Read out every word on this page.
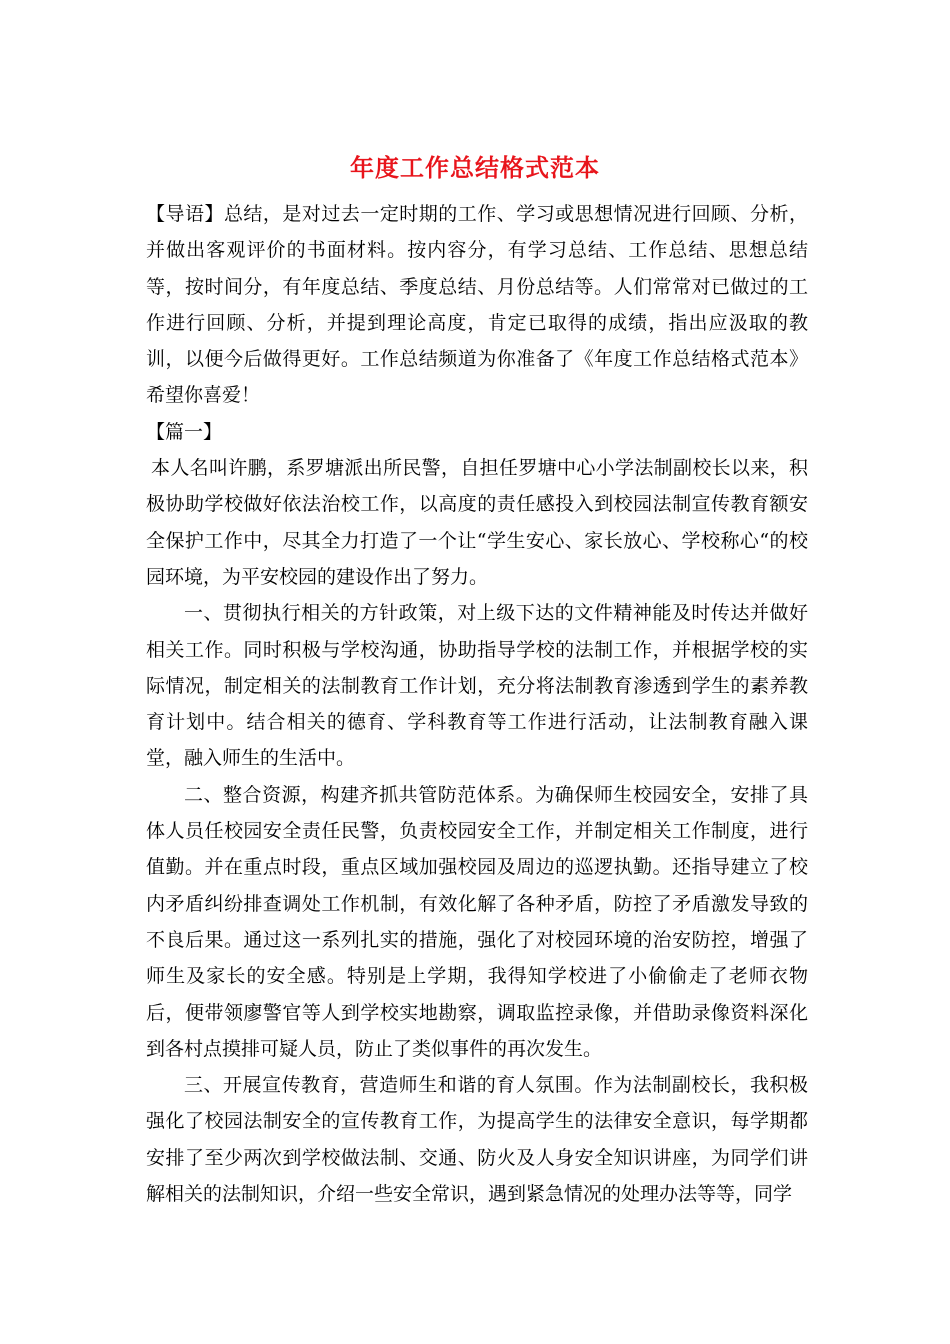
年度工作总结格式范本

【导语】总结，是对过去一定时期的工作、学习或思想情况进行回顾、分析，并做出客观评价的书面材料。按内容分，有学习总结、工作总结、思想总结等，按时间分，有年度总结、季度总结、月份总结等。人们常常对已做过的工作进行回顾、分析，并提到理论高度，肯定已取得的成绩，指出应汲取的教训，以便今后做得更好。工作总结频道为你准备了《年度工作总结格式范本》希望你喜爱！

【篇一】

本人名叫许鹏，系罗塘派出所民警，自担任罗塘中心小学法制副校长以来，积极协助学校做好依法治校工作，以高度的责任感投入到校园法制宣传教育额安全保护工作中，尽其全力打造了一个让“学生安心、家长放心、学校称心“的校园环境，为平安校园的建设作出了努力。

一、贯彻执行相关的方针政策，对上级下达的文件精神能及时传达并做好相关工作。同时积极与学校沟通，协助指导学校的法制工作，并根据学校的实际情况，制定相关的法制教育工作计划，充分将法制教育渗透到学生的素养教育计划中。结合相关的德育、学科教育等工作进行活动，让法制教育融入课堂，融入师生的生活中。

二、整合资源，构建齐抓共管防范体系。为确保师生校园安全，安排了具体人员任校园安全责任民警，负责校园安全工作，并制定相关工作制度，进行值勤。并在重点时段，重点区域加强校园及周边的巡逻执勤。还指导建立了校内矛盾纠纷排查调处工作机制，有效化解了各种矛盾，防控了矛盾激发导致的不良后果。通过这一系列扎实的措施，强化了对校园环境的治安防控，增强了师生及家长的安全感。特别是上学期，我得知学校进了小偷偷走了老师衣物后，便带领廖警官等人到学校实地勘察，调取监控录像，并借助录像资料深化到各村点摸排可疑人员，防止了类似事件的再次发生。

三、开展宣传教育，营造师生和谐的育人氛围。作为法制副校长，我积极强化了校园法制安全的宣传教育工作，为提高学生的法律安全意识，每学期都安排了至少两次到学校做法制、交通、防火及人身安全知识讲座，为同学们讲解相关的法制知识，介绍一些安全常识，遇到紧急情况的处理办法等等，同学
